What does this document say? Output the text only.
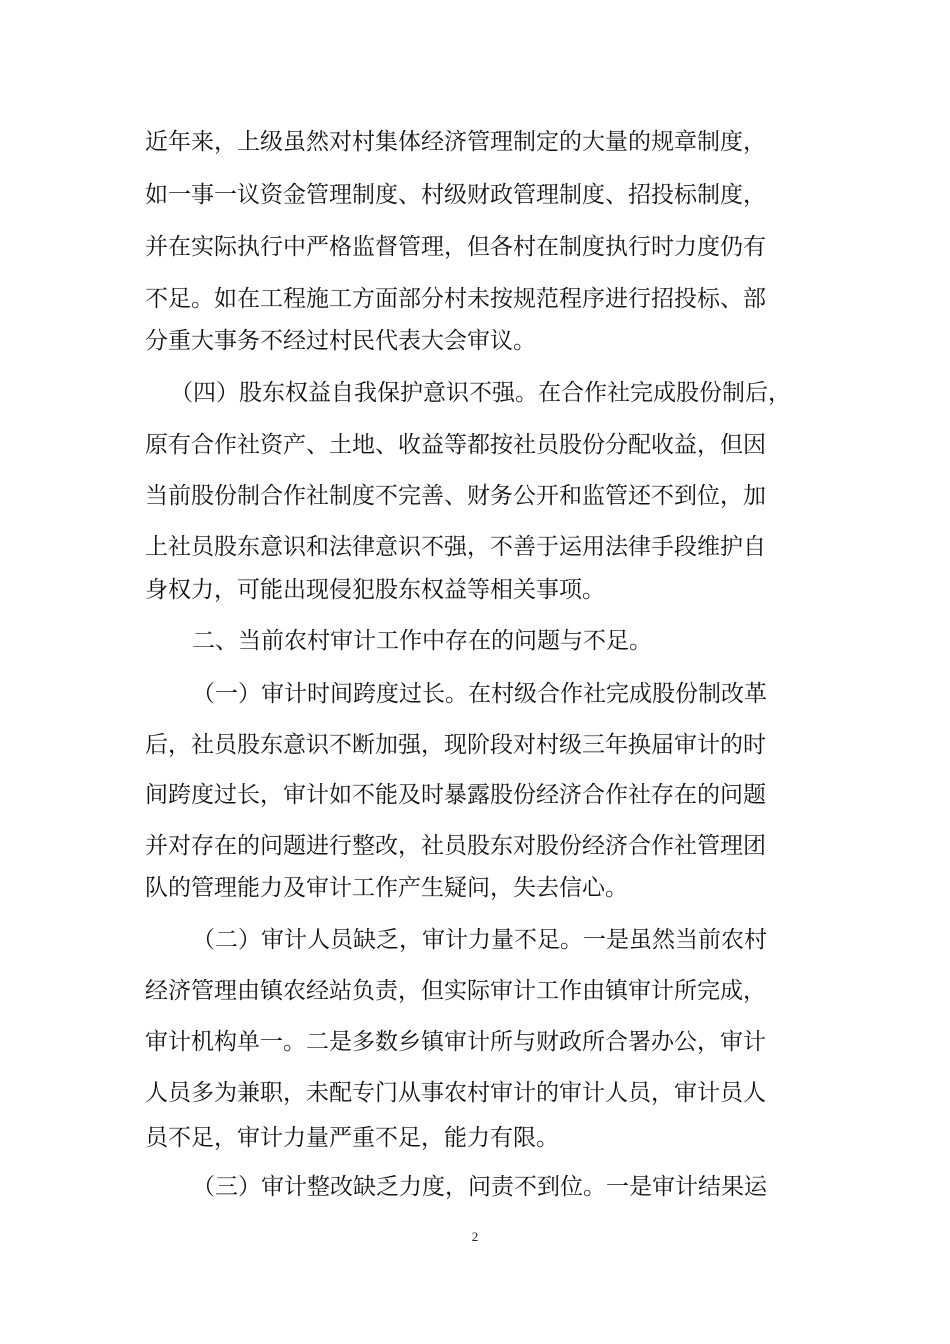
近年来，上级虽然对村集体经济管理制定的大量的规章制度，
如一事一议资金管理制度、村级财政管理制度、招投标制度，
并在实际执行中严格监督管理，但各村在制度执行时力度仍有
不足。如在工程施工方面部分村未按规范程序进行招投标、部
分重大事务不经过村民代表大会审议。
（四）股东权益自我保护意识不强。在合作社完成股份制后，
原有合作社资产、土地、收益等都按社员股份分配收益，但因
当前股份制合作社制度不完善、财务公开和监管还不到位，加
上社员股东意识和法律意识不强，不善于运用法律手段维护自
身权力，可能出现侵犯股东权益等相关事项。
二、当前农村审计工作中存在的问题与不足。
（一）审计时间跨度过长。在村级合作社完成股份制改革
后，社员股东意识不断加强，现阶段对村级三年换届审计的时
间跨度过长，审计如不能及时暴露股份经济合作社存在的问题
并对存在的问题进行整改，社员股东对股份经济合作社管理团
队的管理能力及审计工作产生疑问，失去信心。
（二）审计人员缺乏，审计力量不足。一是虽然当前农村
经济管理由镇农经站负责，但实际审计工作由镇审计所完成，
审计机构单一。二是多数乡镇审计所与财政所合署办公，审计
人员多为兼职，未配专门从事农村审计的审计人员，审计员人
员不足，审计力量严重不足，能力有限。
（三）审计整改缺乏力度，问责不到位。一是审计结果运
2
